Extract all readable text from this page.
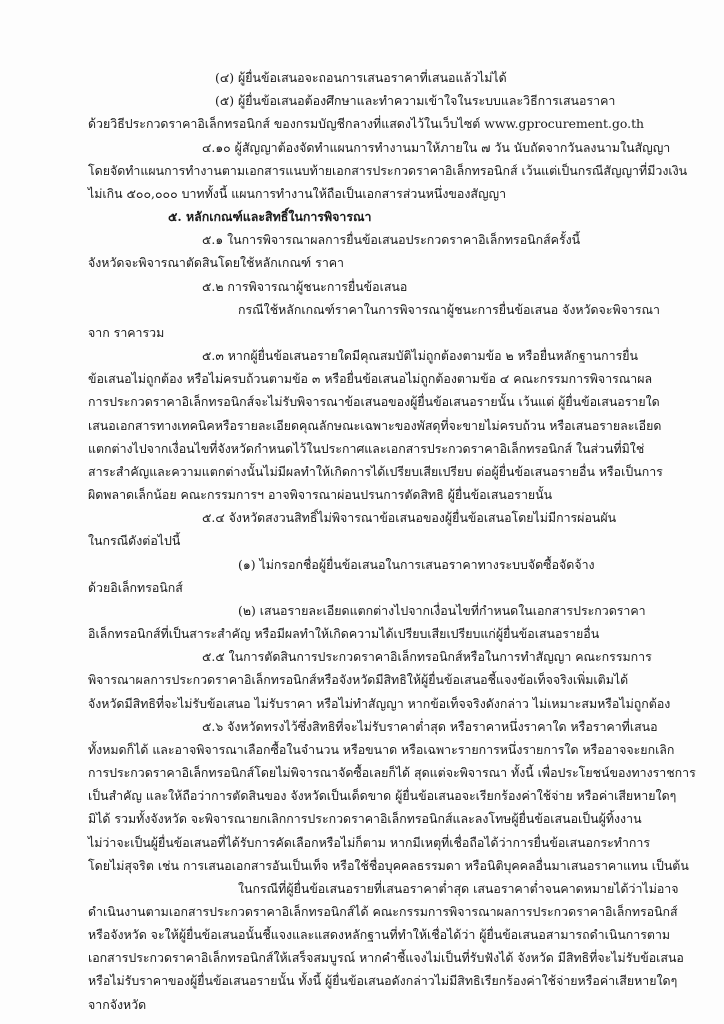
(๔) ผู้ยื่นข้อเสนอจะถอนการเสนอราคาที่เสนอแล้วไม่ได้
(๕) ผู้ยื่นข้อเสนอต้องศึกษาและทำความเข้าใจในระบบและวิธีการเสนอราคา
ด้วยวิธีประกวดราคาอิเล็กทรอนิกส์ ของกรมบัญชีกลางที่แสดงไว้ในเว็บไซต์ www.gprocurement.go.th
๔.๑๐ ผู้สัญญาต้องจัดทำแผนการทำงานมาให้ภายใน ๗ วัน นับถัดจากวันลงนามในสัญญา
โดยจัดทำแผนการทำงานตามเอกสารแนบท้ายเอกสารประกวดราคาอิเล็กทรอนิกส์ เว้นแต่เป็นกรณีสัญญาที่มีวงเงิน
ไม่เกิน ๕๐๐,๐๐๐ บาททั้งนี้ แผนการทำงานให้ถือเป็นเอกสารส่วนหนึ่งของสัญญา
๕. หลักเกณฑ์และสิทธิ์ในการพิจารณา
๕.๑ ในการพิจารณาผลการยื่นข้อเสนอประกวดราคาอิเล็กทรอนิกส์ครั้งนี้
จังหวัดจะพิจารณาตัดสินโดยใช้หลักเกณฑ์ ราคา
๕.๒ การพิจารณาผู้ชนะการยื่นข้อเสนอ
กรณีใช้หลักเกณฑ์ราคาในการพิจารณาผู้ชนะการยื่นข้อเสนอ จังหวัดจะพิจารณา
จาก ราคารวม
๕.๓ หากผู้ยื่นข้อเสนอรายใดมีคุณสมบัติไม่ถูกต้องตามข้อ ๒ หรือยื่นหลักฐานการยื่น
ข้อเสนอไม่ถูกต้อง หรือไม่ครบถ้วนตามข้อ ๓ หรือยื่นข้อเสนอไม่ถูกต้องตามข้อ ๔ คณะกรรมการพิจารณาผล
การประกวดราคาอิเล็กทรอนิกส์จะไม่รับพิจารณาข้อเสนอของผู้ยื่นข้อเสนอรายนั้น เว้นแต่ ผู้ยื่นข้อเสนอรายใด
เสนอเอกสารทางเทคนิคหรือรายละเอียดคุณลักษณะเฉพาะของพัสดุที่จะขายไม่ครบถ้วน หรือเสนอรายละเอียด
แตกต่างไปจากเงื่อนไขที่จังหวัดกำหนดไว้ในประกาศและเอกสารประกวดราคาอิเล็กทรอนิกส์ ในส่วนที่มิใช่
สาระสำคัญและความแตกต่างนั้นไม่มีผลทำให้เกิดการได้เปรียบเสียเปรียบ ต่อผู้ยื่นข้อเสนอรายอื่น หรือเป็นการ
ผิดพลาดเล็กน้อย คณะกรรมการฯ อาจพิจารณาผ่อนปรนการตัดสิทธิ ผู้ยื่นข้อเสนอรายนั้น
๕.๔ จังหวัดสงวนสิทธิ์ไม่พิจารณาข้อเสนอของผู้ยื่นข้อเสนอโดยไม่มีการผ่อนผัน
ในกรณีดังต่อไปนี้
(๑) ไม่กรอกชื่อผู้ยื่นข้อเสนอในการเสนอราคาทางระบบจัดซื้อจัดจ้าง
ด้วยอิเล็กทรอนิกส์
(๒) เสนอรายละเอียดแตกต่างไปจากเงื่อนไขที่กำหนดในเอกสารประกวดราคา
อิเล็กทรอนิกส์ที่เป็นสาระสำคัญ หรือมีผลทำให้เกิดความได้เปรียบเสียเปรียบแก่ผู้ยื่นข้อเสนอรายอื่น
๕.๕ ในการตัดสินการประกวดราคาอิเล็กทรอนิกส์หรือในการทำสัญญา คณะกรรมการ
พิจารณาผลการประกวดราคาอิเล็กทรอนิกส์หรือจังหวัดมีสิทธิให้ผู้ยื่นข้อเสนอชี้แจงข้อเท็จจริงเพิ่มเติมได้
จังหวัดมีสิทธิที่จะไม่รับข้อเสนอ ไม่รับราคา หรือไม่ทำสัญญา หากข้อเท็จจริงดังกล่าว ไม่เหมาะสมหรือไม่ถูกต้อง
๕.๖ จังหวัดทรงไว้ซึ่งสิทธิที่จะไม่รับราคาต่ำสุด หรือราคาหนึ่งราคาใด หรือราคาที่เสนอ
ทั้งหมดก็ได้ และอาจพิจารณาเลือกซื้อในจำนวน หรือขนาด หรือเฉพาะรายการหนึ่งรายการใด หรืออาจจะยกเลิก
การประกวดราคาอิเล็กทรอนิกส์โดยไม่พิจารณาจัดซื้อเลยก็ได้ สุดแต่จะพิจารณา ทั้งนี้ เพื่อประโยชน์ของทางราชการ
เป็นสำคัญ และให้ถือว่าการตัดสินของ จังหวัดเป็นเด็ดขาด ผู้ยื่นข้อเสนอจะเรียกร้องค่าใช้จ่าย หรือค่าเสียหายใดๆ
มิได้ รวมทั้งจังหวัด จะพิจารณายกเลิกการประกวดราคาอิเล็กทรอนิกส์และลงโทษผู้ยื่นข้อเสนอเป็นผู้ทิ้งงาน
ไม่ว่าจะเป็นผู้ยื่นข้อเสนอที่ได้รับการคัดเลือกหรือไม่ก็ตาม หากมีเหตุที่เชื่อถือได้ว่าการยื่นข้อเสนอกระทำการ
โดยไม่สุจริต เช่น การเสนอเอกสารอันเป็นเท็จ หรือใช้ชื่อบุคคลธรรมดา หรือนิติบุคคลอื่นมาเสนอราคาแทน เป็นต้น
ในกรณีที่ผู้ยื่นข้อเสนอรายที่เสนอราคาต่ำสุด เสนอราคาต่ำจนคาดหมายได้ว่าไม่อาจ
ดำเนินงานตามเอกสารประกวดราคาอิเล็กทรอนิกส์ได้ คณะกรรมการพิจารณาผลการประกวดราคาอิเล็กทรอนิกส์
หรือจังหวัด จะให้ผู้ยื่นข้อเสนอนั้นชี้แจงและแสดงหลักฐานที่ทำให้เชื่อได้ว่า ผู้ยื่นข้อเสนอสามารถดำเนินการตาม
เอกสารประกวดราคาอิเล็กทรอนิกส์ให้เสร็จสมบูรณ์ หากคำชี้แจงไม่เป็นที่รับฟังได้ จังหวัด มีสิทธิที่จะไม่รับข้อเสนอ
หรือไม่รับราคาของผู้ยื่นข้อเสนอรายนั้น ทั้งนี้ ผู้ยื่นข้อเสนอดังกล่าวไม่มีสิทธิเรียกร้องค่าใช้จ่ายหรือค่าเสียหายใดๆ
จากจังหวัด
